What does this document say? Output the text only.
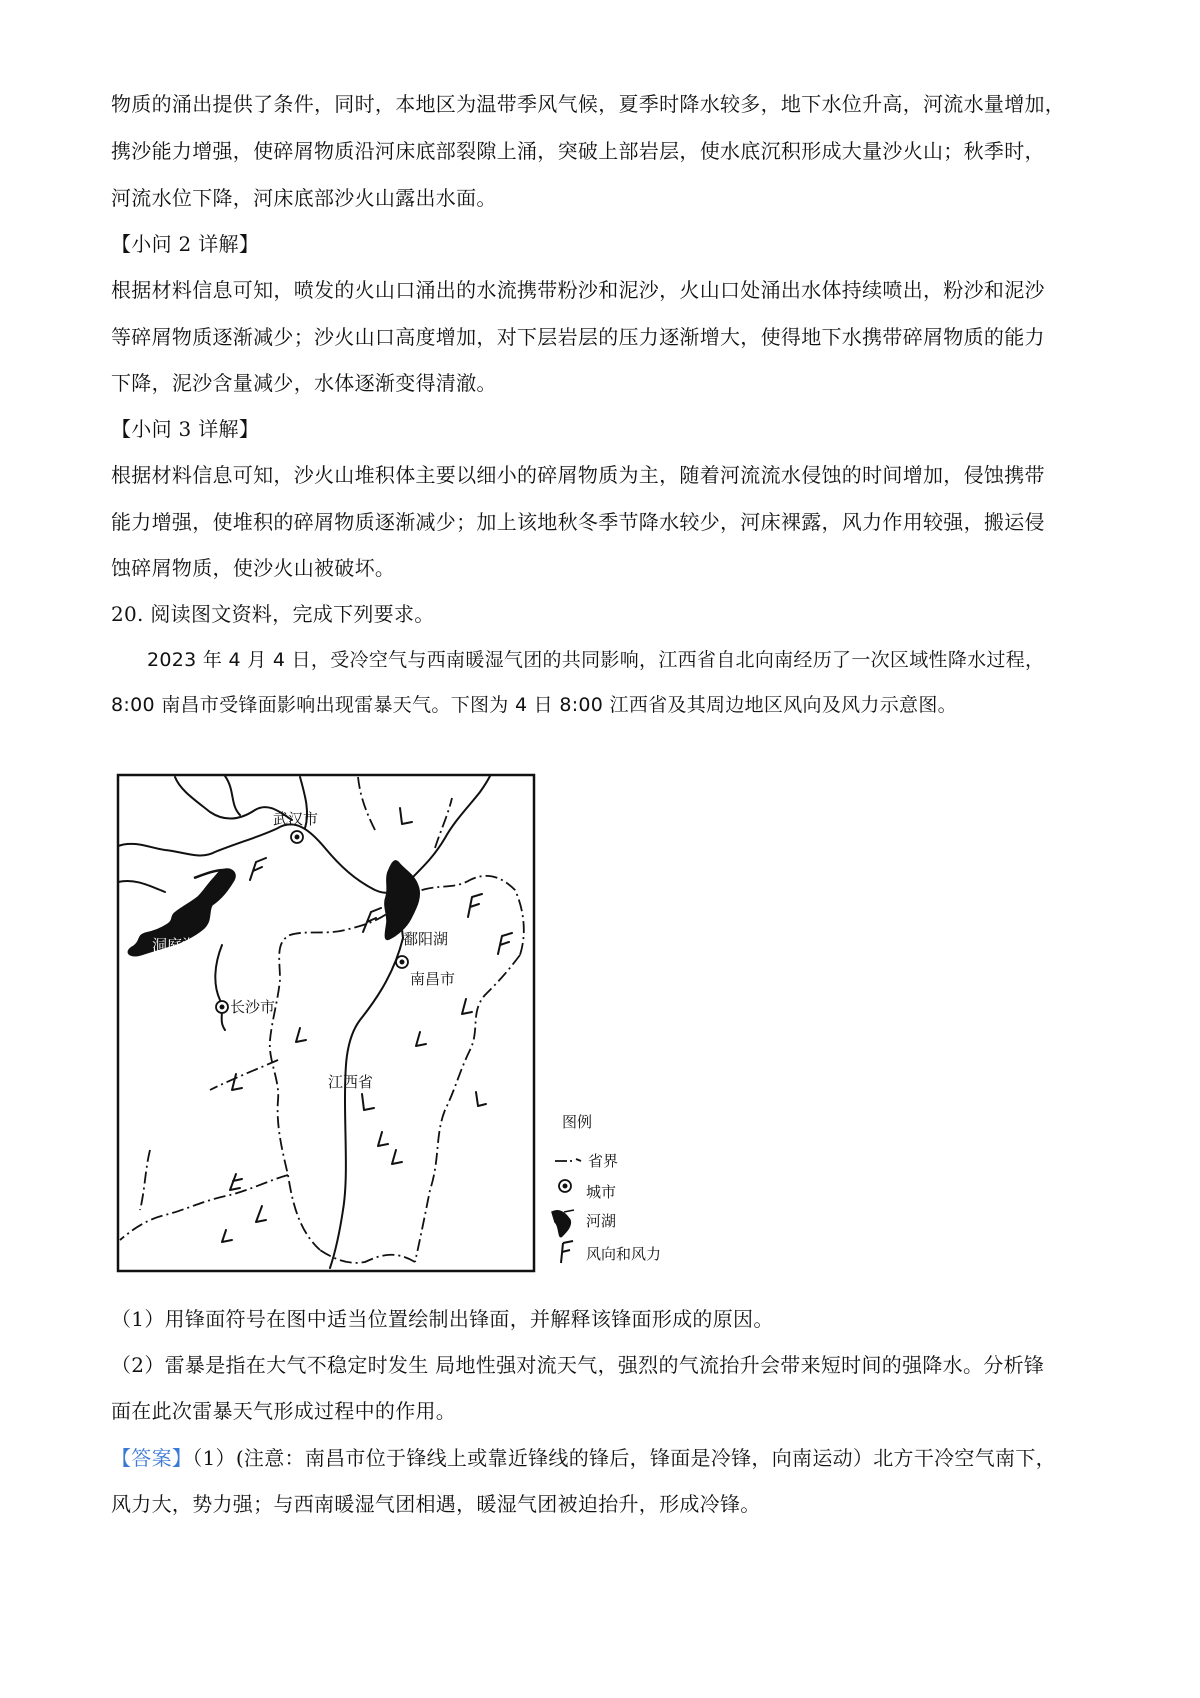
物质的涌出提供了条件，同时，本地区为温带季风气候，夏季时降水较多，地下水位升高，河流水量增加，
携沙能力增强，使碎屑物质沿河床底部裂隙上涌，突破上部岩层，使水底沉积形成大量沙火山；秋季时，
河流水位下降，河床底部沙火山露出水面。
【小问 2 详解】
根据材料信息可知，喷发的火山口涌出的水流携带粉沙和泥沙，火山口处涌出水体持续喷出，粉沙和泥沙
等碎屑物质逐渐减少；沙火山口高度增加，对下层岩层的压力逐渐增大，使得地下水携带碎屑物质的能力
下降，泥沙含量减少，水体逐渐变得清澈。
【小问 3 详解】
根据材料信息可知，沙火山堆积体主要以细小的碎屑物质为主，随着河流流水侵蚀的时间增加，侵蚀携带
能力增强，使堆积的碎屑物质逐渐减少；加上该地秋冬季节降水较少，河床裸露，风力作用较强，搬运侵
蚀碎屑物质，使沙火山被破坏。
20. 阅读图文资料，完成下列要求。
2023 年 4 月 4 日，受冷空气与西南暖湿气团的共同影响，江西省自北向南经历了一次区域性降水过程，
8:00 南昌市受锋面影响出现雷暴天气。下图为 4 日 8:00 江西省及其周边地区风向及风力示意图。
武汉市
洞庭湖	鄱阳湖
南昌市
长沙市
江西省
图例
省界
城市
河湖
风向和风力
（1）用锋面符号在图中适当位置绘制出锋面，并解释该锋面形成的原因。
（2）雷暴是指在大气不稳定时发生 局地性强对流天气，强烈的气流抬升会带来短时间的强降水。分析锋
面在此次雷暴天气形成过程中的作用。
【答案】（1）(注意：南昌市位于锋线上或靠近锋线的锋后，锋面是冷锋，向南运动）北方干冷空气南下，
风力大，势力强；与西南暖湿气团相遇，暖湿气团被迫抬升，形成冷锋。
